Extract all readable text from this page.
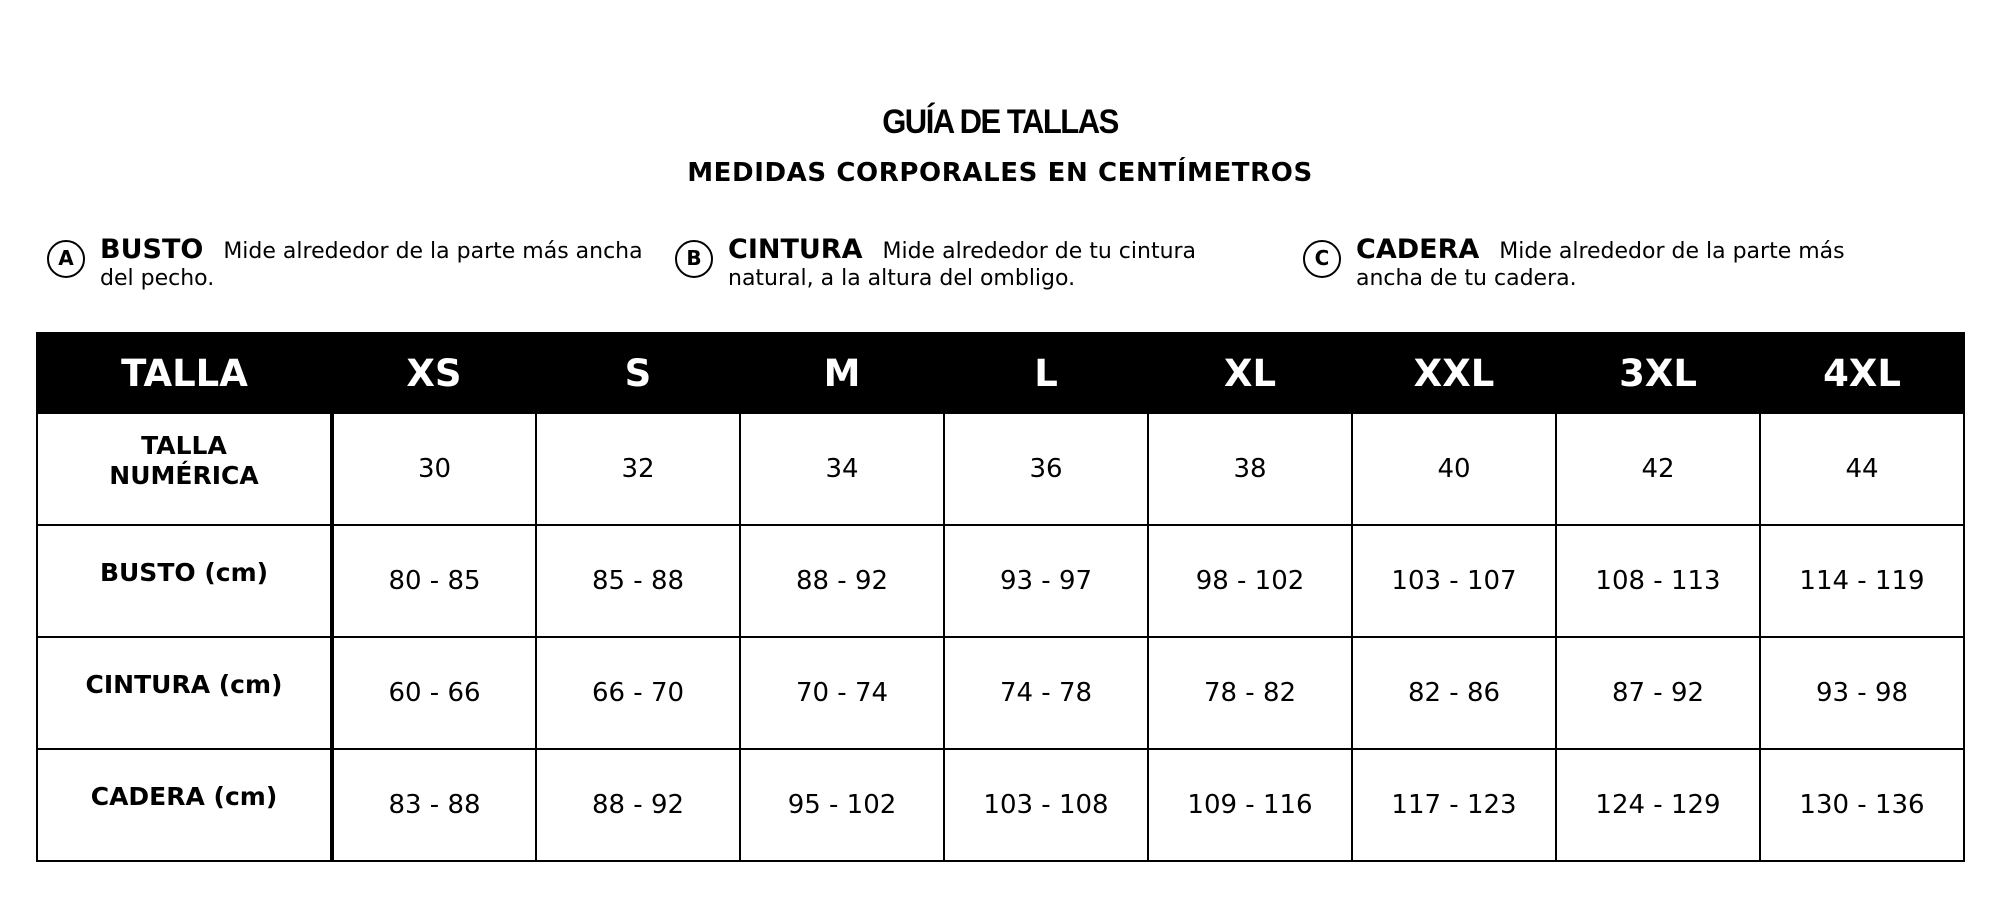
GUÍA DE TALLAS
MEDIDAS CORPORALES EN CENTÍMETROS
A BUSTO Mide alrededor de la parte más ancha del pecho.
B CINTURA Mide alrededor de tu cintura natural, a la altura del ombligo.
C CADERA Mide alrededor de la parte más ancha de tu cadera.
TALLA	XS	S	M	L	XL	XXL	3XL	4XL
TALLA NUMÉRICA	30	32	34	36	38	40	42	44
BUSTO (cm)	80 - 85	85 - 88	88 - 92	93 - 97	98 - 102	103 - 107	108 - 113	114 - 119
CINTURA (cm)	60 - 66	66 - 70	70 - 74	74 - 78	78 - 82	82 - 86	87 - 92	93 - 98
CADERA (cm)	83 - 88	88 - 92	95 - 102	103 - 108	109 - 116	117 - 123	124 - 129	130 - 136
